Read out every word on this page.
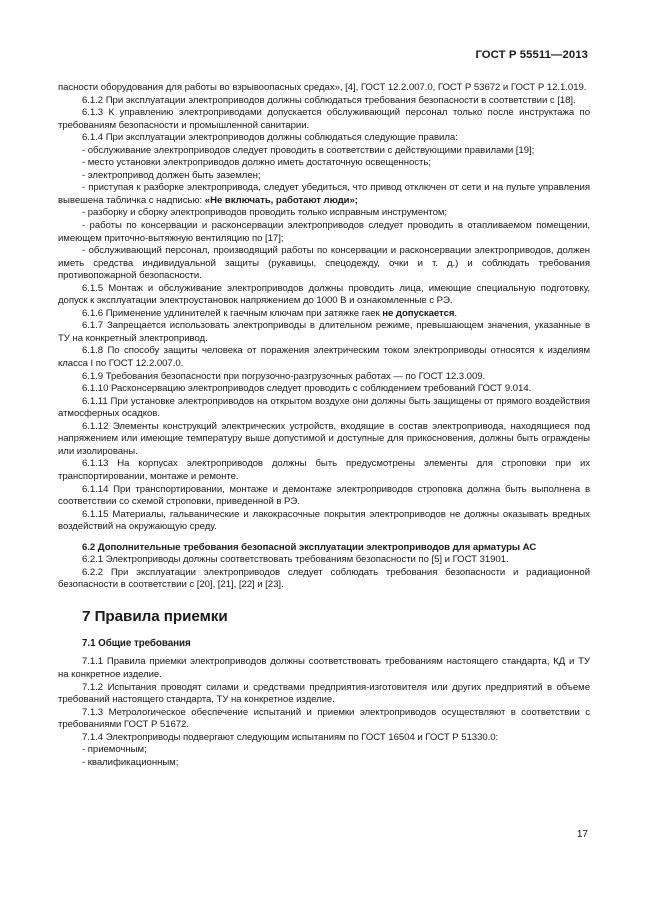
ГОСТ Р 55511—2013

пасности оборудования для работы во взрывоопасных средах», [4], ГОСТ 12.2.007.0, ГОСТ Р 53672 и ГОСТ Р 12.1.019.

6.1.2 При эксплуатации электроприводов должны соблюдаться требования безопасности в соответствии с [18].

6.1.3 К управлению электроприводами допускается обслуживающий персонал только после инструктажа по требованиям безопасности и промышленной санитарии.

6.1.4 При эксплуатации электроприводов должны соблюдаться следующие правила:

- обслуживание электроприводов следует проводить в соответствии с действующими правилами [19];

- место установки электроприводов должно иметь достаточную освещенность;

- электропривод должен быть заземлен;

- приступая к разборке электропривода, следует убедиться, что привод отключен от сети и на пульте управления вывешена табличка с надписью: «Не включать, работают люди»;

- разборку и сборку электроприводов проводить только исправным инструментом;

- работы по консервации и расконсервации электроприводов следует проводить в отапливаемом помещении, имеющем приточно-вытяжную вентиляцию по [17];

- обслуживающий персонал, производящий работы по консервации и расконсервации электроприводов, должен иметь средства индивидуальной защиты (рукавицы, спецодежду, очки и т. д.) и соблюдать требования противопожарной безопасности.

6.1.5 Монтаж и обслуживание электроприводов должны проводить лица, имеющие специальную подготовку, допуск к эксплуатации электроустановок напряжением до 1000 В и ознакомленные с РЭ.

6.1.6 Применение удлинителей к гаечным ключам при затяжке гаек не допускается.

6.1.7 Запрещается использовать электроприводы в длительном режиме, превышающем значения, указанные в ТУ на конкретный электропривод.

6.1.8 По способу защиты человека от поражения электрическим током электроприводы относятся к изделиям класса I по ГОСТ 12.2.007.0.

6.1.9 Требования безопасности при погрузочно-разгрузочных работах — по ГОСТ 12.3.009.

6.1.10 Расконсервацию электроприводов следует проводить с соблюдением требований ГОСТ 9.014.

6.1.11 При установке электроприводов на открытом воздухе они должны быть защищены от прямого воздействия атмосферных осадков.

6.1.12 Элементы конструкций электрических устройств, входящие в состав электропривода, находящиеся под напряжением или имеющие температуру выше допустимой и доступные для прикосновения, должны быть ограждены или изолированы.

6.1.13 На корпусах электроприводов должны быть предусмотрены элементы для строповки при их транспортировании, монтаже и ремонте.

6.1.14 При транспортировании, монтаже и демонтаже электроприводов строповка должна быть выполнена в соответствии со схемой строповки, приведенной в РЭ.

6.1.15 Материалы, гальванические и лакокрасочные покрытия электроприводов не должны оказывать вредных воздействий на окружающую среду.

6.2 Дополнительные требования безопасной эксплуатации электроприводов для арматуры АС

6.2.1 Электроприводы должны соответствовать требованиям безопасности по [5] и ГОСТ 31901.

6.2.2 При эксплуатации электроприводов следует соблюдать требования безопасности и радиационной безопасности в соответствии с [20], [21], [22] и [23].

7 Правила приемки
7.1 Общие требования

7.1.1 Правила приемки электроприводов должны соответствовать требованиям настоящего стандарта, КД и ТУ на конкретное изделие.

7.1.2 Испытания проводят силами и средствами предприятия-изготовителя или других предприятий в объеме требований настоящего стандарта, ТУ на конкретное изделие.

7.1.3 Метрологическое обеспечение испытаний и приемки электроприводов осуществляют в соответствии с требованиями ГОСТ Р 51672.

7.1.4 Электроприводы подвергают следующим испытаниям по ГОСТ 16504 и ГОСТ Р 51330.0:

- приемочным;

- квалификационным;

17
